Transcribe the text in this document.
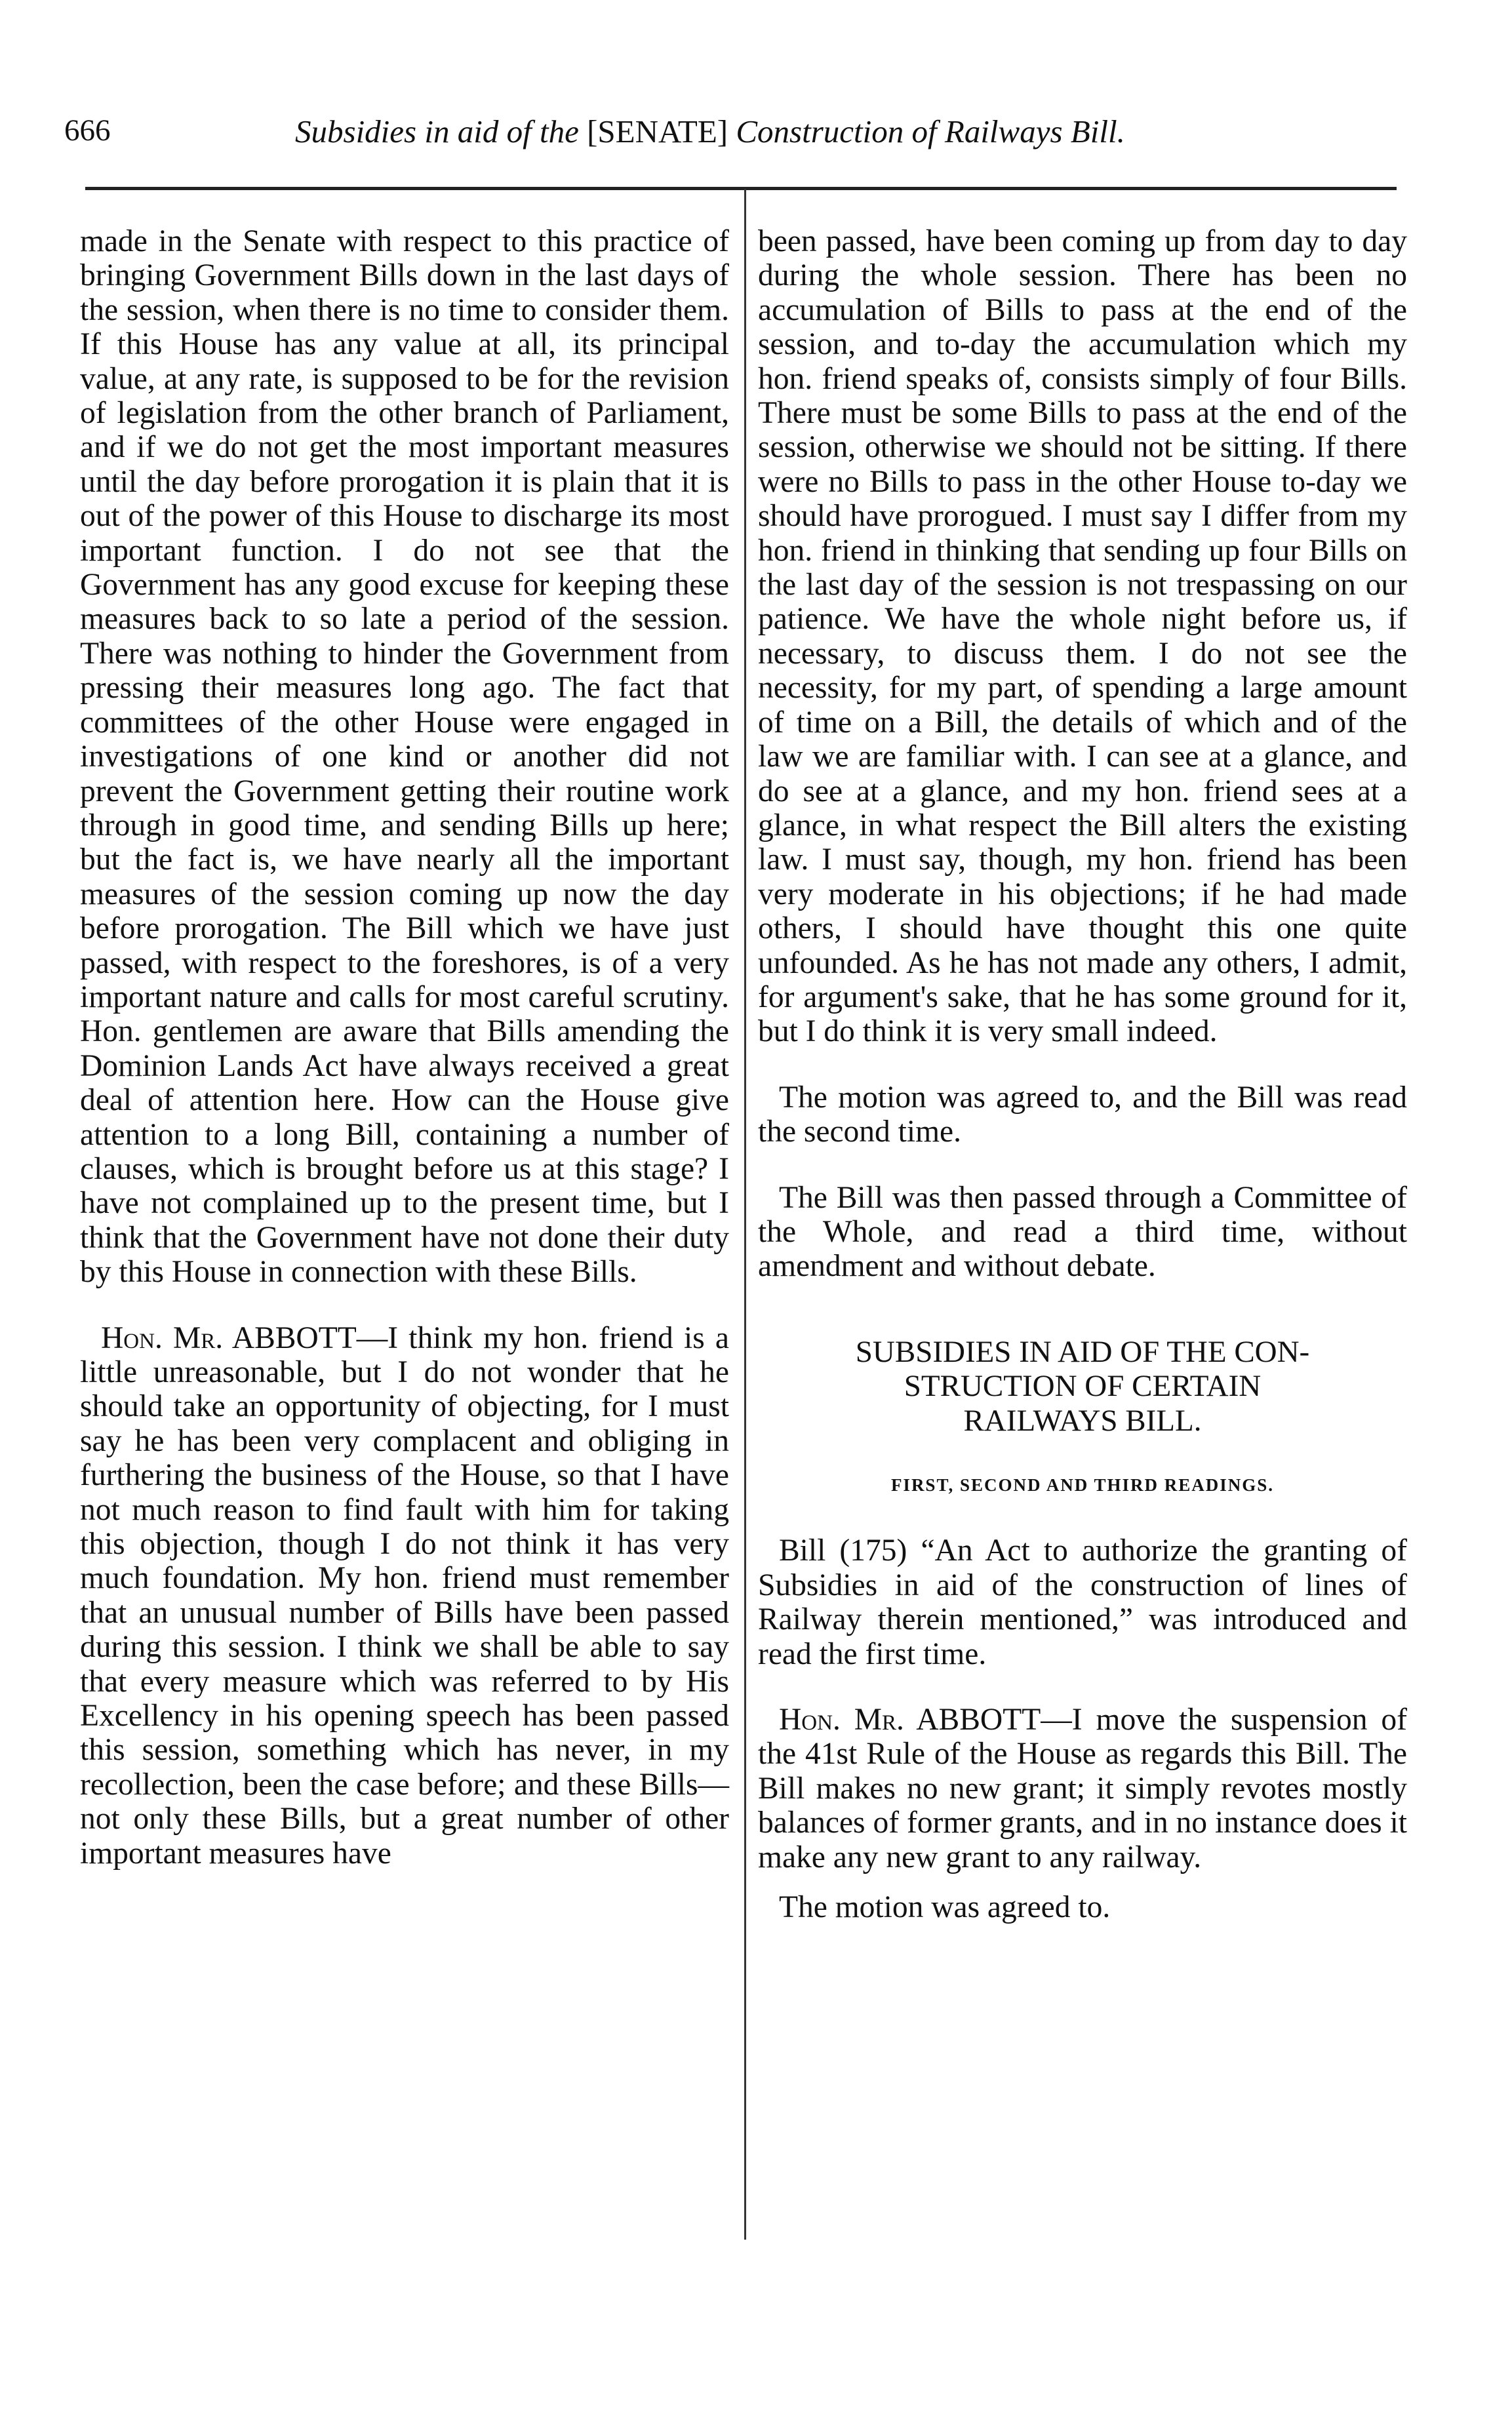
666	Subsidies in aid of the [SENATE] Construction of Railways Bill.

made in the Senate with respect to this practice of bringing Government Bills down in the last days of the session, when there is no time to consider them. If this House has any value at all, its principal value, at any rate, is supposed to be for the revision of legislation from the other branch of Parliament, and if we do not get the most important measures until the day before prorogation it is plain that it is out of the power of this House to discharge its most important function. I do not see that the Government has any good excuse for keeping these measures back to so late a period of the session. There was nothing to hinder the Government from pressing their measures long ago. The fact that committees of the other House were engaged in investigations of one kind or another did not prevent the Government getting their routine work through in good time, and sending Bills up here; but the fact is, we have nearly all the important measures of the session coming up now the day before prorogation. The Bill which we have just passed, with respect to the foreshores, is of a very important nature and calls for most careful scrutiny. Hon. gentlemen are aware that Bills amending the Dominion Lands Act have always received a great deal of attention here. How can the House give attention to a long Bill, containing a number of clauses, which is brought before us at this stage? I have not complained up to the present time, but I think that the Government have not done their duty by this House in connection with these Bills.

Hon. Mr. ABBOTT—I think my hon. friend is a little unreasonable, but I do not wonder that he should take an opportunity of objecting, for I must say he has been very complacent and obliging in furthering the business of the House, so that I have not much reason to find fault with him for taking this objection, though I do not think it has very much foundation. My hon. friend must remember that an unusual number of Bills have been passed during this session. I think we shall be able to say that every measure which was referred to by His Excellency in his opening speech has been passed this session, something which has never, in my recollection, been the case before; and these Bills—not only these Bills, but a great number of other important measures have

been passed, have been coming up from day to day during the whole session. There has been no accumulation of Bills to pass at the end of the session, and to-day the accumulation which my hon. friend speaks of, consists simply of four Bills. There must be some Bills to pass at the end of the session, otherwise we should not be sitting. If there were no Bills to pass in the other House to-day we should have prorogued. I must say I differ from my hon. friend in thinking that sending up four Bills on the last day of the session is not trespassing on our patience. We have the whole night before us, if necessary, to discuss them. I do not see the necessity, for my part, of spending a large amount of time on a Bill, the details of which and of the law we are familiar with. I can see at a glance, and do see at a glance, and my hon. friend sees at a glance, in what respect the Bill alters the existing law. I must say, though, my hon. friend has been very moderate in his objections; if he had made others, I should have thought this one quite unfounded. As he has not made any others, I admit, for argument's sake, that he has some ground for it, but I do think it is very small indeed.

The motion was agreed to, and the Bill was read the second time.

The Bill was then passed through a Committee of the Whole, and read a third time, without amendment and without debate.

SUBSIDIES IN AID OF THE CON-
STRUCTION OF CERTAIN
RAILWAYS BILL.
FIRST, SECOND AND THIRD READINGS.

Bill (175) “An Act to authorize the granting of Subsidies in aid of the construction of lines of Railway therein mentioned,” was introduced and read the first time.

Hon. Mr. ABBOTT—I move the suspension of the 41st Rule of the House as regards this Bill. The Bill makes no new grant; it simply revotes mostly balances of former grants, and in no instance does it make any new grant to any railway.

The motion was agreed to.
